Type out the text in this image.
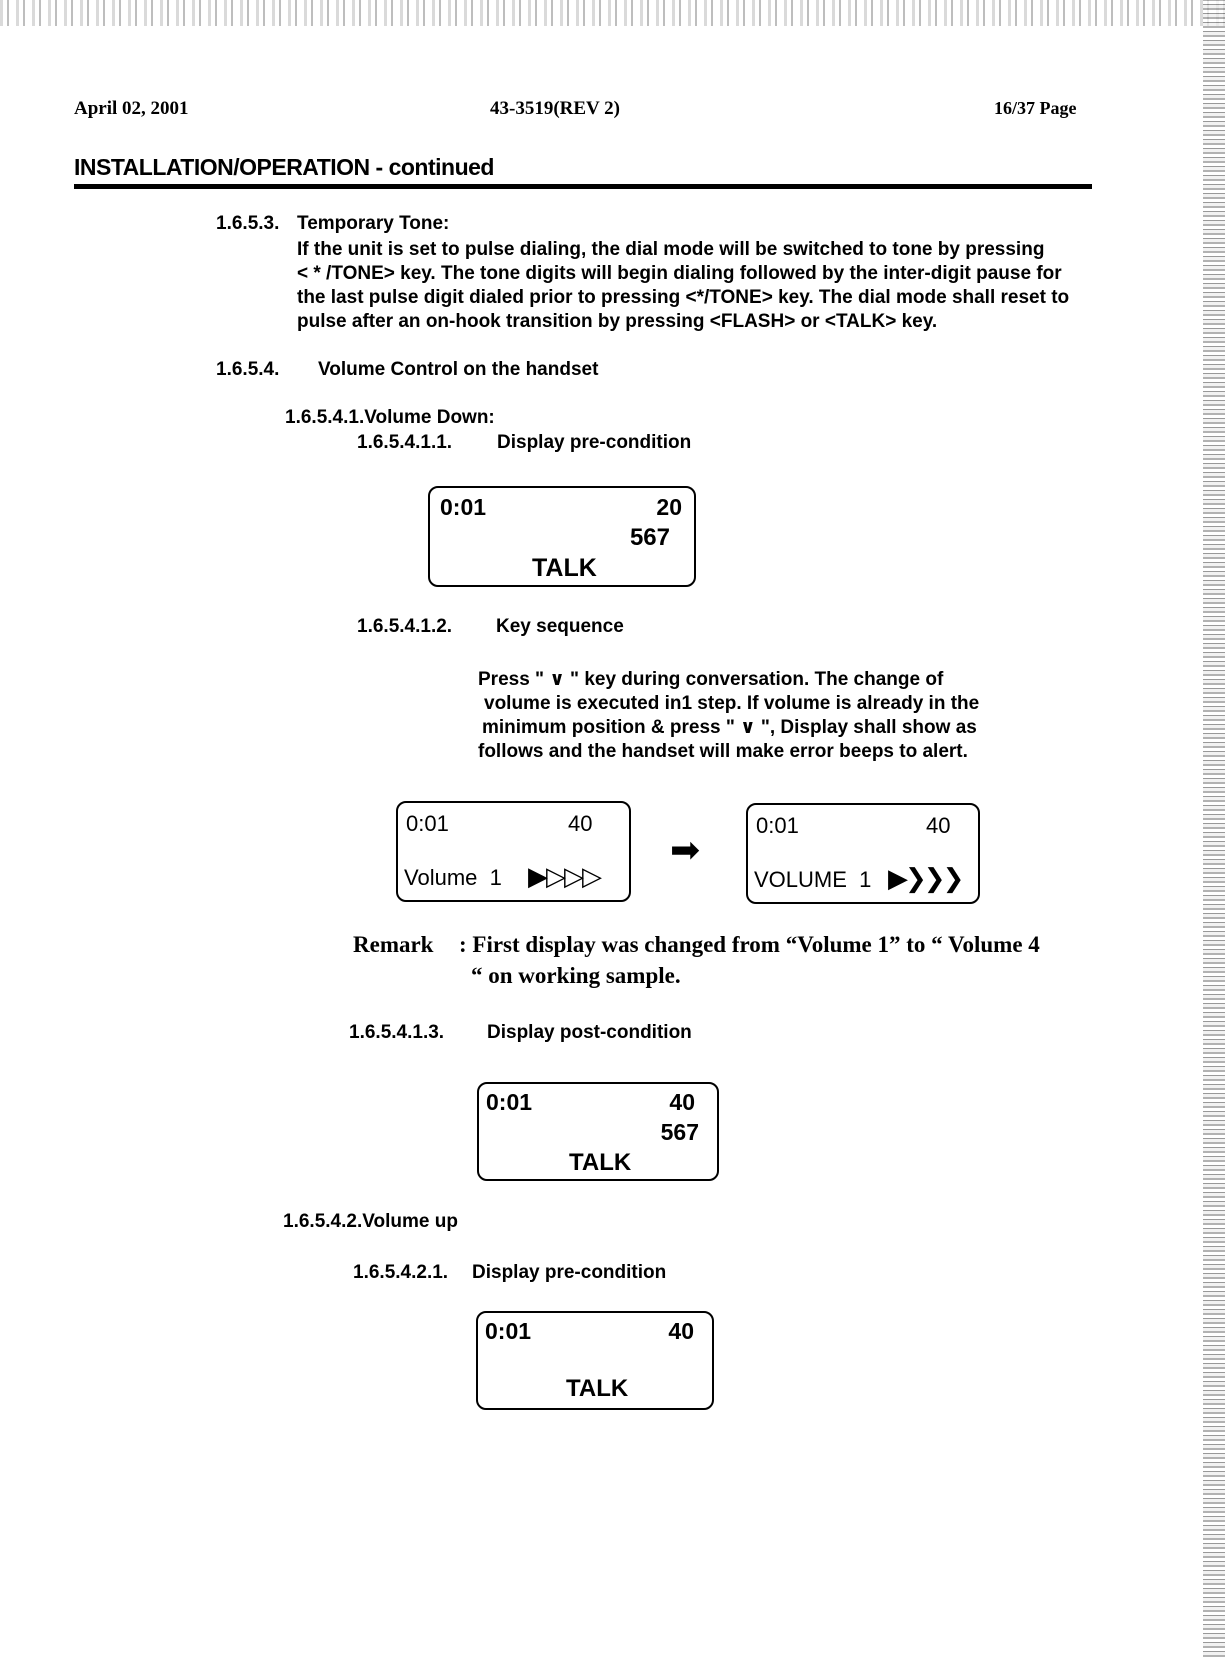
April 02, 2001	43-3519(REV 2)	16/37 Page
INSTALLATION/OPERATION - continued
1.6.5.3. Temporary Tone:
If the unit is set to pulse dialing, the dial mode will be switched to tone by pressing
< * /TONE> key. The tone digits will begin dialing followed by the inter-digit pause for
the last pulse digit dialed prior to pressing <*/TONE> key. The dial mode shall reset to
pulse after an on-hook transition by pressing <FLASH> or <TALK> key.
1.6.5.4. Volume Control on the handset
1.6.5.4.1.Volume Down:
1.6.5.4.1.1. Display pre-condition
0:01	20
567
TALK
1.6.5.4.1.2. Key sequence
Press " ∨ " key during conversation. The change of
volume is executed in1 step. If volume is already in the
minimum position & press " ∨ ", Display shall show as
follows and the handset will make error beeps to alert.
0:01	40
Volume  1 ▶▷▷▷
➡
0:01	40
VOLUME  1 ▶❯❯❯
Remark : First display was changed from “Volume 1” to “ Volume 4
“ on working sample.
1.6.5.4.1.3. Display post-condition
0:01	40
567
TALK
1.6.5.4.2.Volume up
1.6.5.4.2.1. Display pre-condition
0:01	40
TALK
